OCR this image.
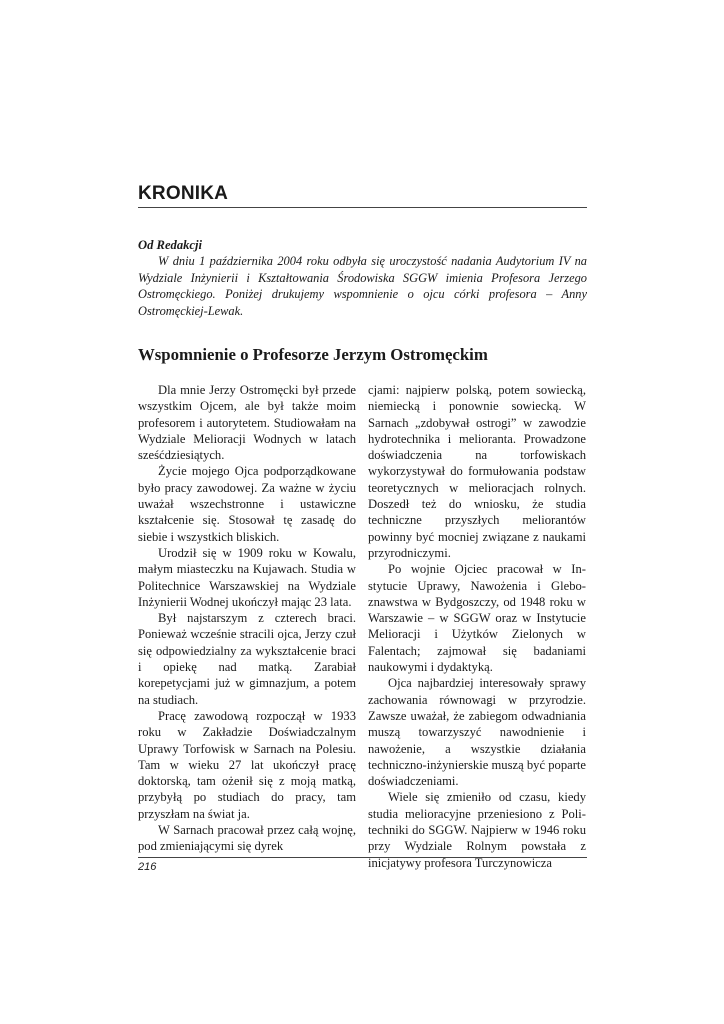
KRONIKA
Od Redakcji
W dniu 1 października 2004 roku odbyła się uroczystość nadania Audytorium IV na Wydziale Inżynierii i Kształtowania Środowiska SGGW imienia Profesora Jerzego Ostromęckiego. Poniżej drukujemy wspomnienie o ojcu córki profesora – Anny Ostromęckiej-Lewak.
Wspomnienie o Profesorze Jerzym Ostromęckim

Dla mnie Jerzy Ostromęcki był przede wszystkim Ojcem, ale był także moim profesorem i autorytetem. Studiowałam na Wydziale Melioracji Wodnych w latach sześćdziesiątych.

Życie mojego Ojca podporządkowane było pracy zawodowej. Za ważne w życiu uważał wszechstronne i ustawiczne kształcenie się. Stosował tę zasadę do siebie i wszystkich bliskich.

Urodził się w 1909 roku w Kowalu, małym miasteczku na Kujawach. Studia w Politechnice Warszawskiej na Wydziale Inżynierii Wodnej ukończył mając 23 lata.

Był najstarszym z czterech braci. Ponieważ wcześnie stracili ojca, Jerzy czuł się odpowiedzialny za wykształcenie braci i opiekę nad matką. Zarabiał korepetycjami już w gimnazjum, a potem na studiach.

Pracę zawodową rozpoczął w 1933 roku w Zakładzie Doświadczalnym Uprawy Torfowisk w Sarnach na Polesiu. Tam w wieku 27 lat ukończył pracę doktorską, tam ożenił się z moją matką, przybyłą po studiach do pracy, tam przyszłam na świat ja.

W Sarnach pracował przez całą wojnę, pod zmieniającymi się dyrek

cjami: najpierw polską, potem sowiecką, niemiecką i ponownie sowiecką. W Sarnach „zdobywał ostrogi” w zawodzie hydrotechnika i melioranta. Prowadzone doświadczenia na torfowiskach wykorzystywał do formułowania podstaw teoretycznych w melioracjach rolnych. Doszedł też do wniosku, że studia techniczne przyszłych meliorantów powinny być mocniej związane z naukami przyrodniczymi.

Po wojnie Ojciec pracował w Instytucie Uprawy, Nawożenia i Gleboznawstwa w Bydgoszczy, od 1948 roku w Warszawie – w SGGW oraz w Instytucie Melioracji i Użytków Zielonych w Falentach; zajmował się badaniami naukowymi i dydaktyką.

Ojca najbardziej interesowały sprawy zachowania równowagi w przyrodzie. Zawsze uważał, że zabiegom odwadniania muszą towarzyszyć nawodnienie i nawożenie, a wszystkie działania techniczno-inżynierskie muszą być poparte doświadczeniami.

Wiele się zmieniło od czasu, kiedy studia melioracyjne przeniesiono z Politechniki do SGGW. Najpierw w 1946 roku przy Wydziale Rolnym powstała z inicjatywy profesora Turczynowicza

216
